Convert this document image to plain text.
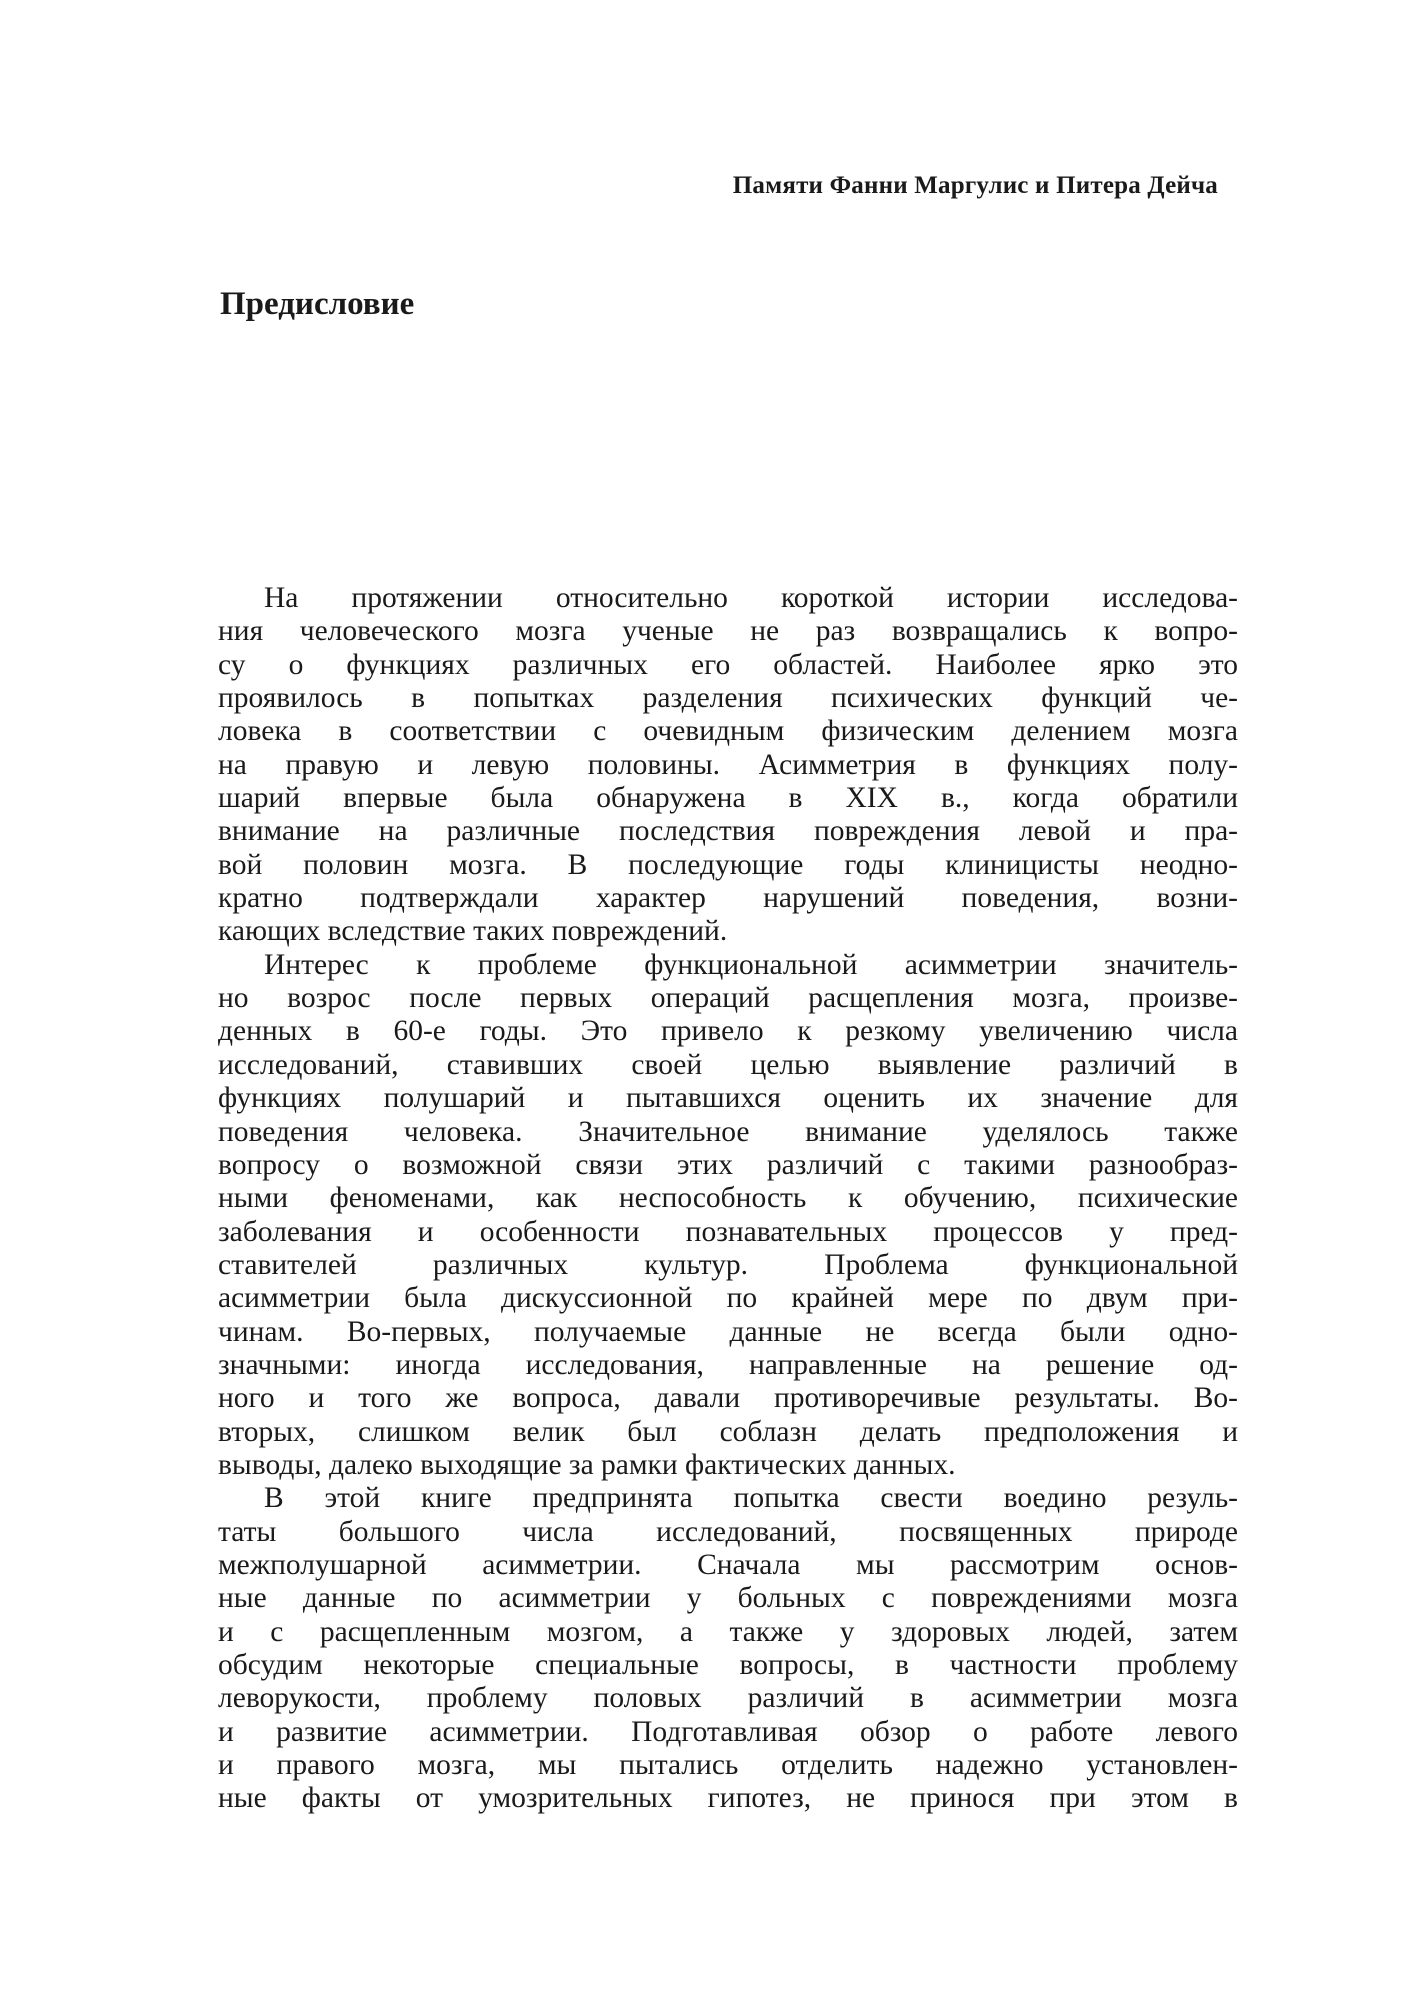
Памяти Фанни Маргулис и Питера Дейча
Предисловие
На протяжении относительно короткой истории исследова-
ния человеческого мозга ученые не раз возвращались к вопро-
су о функциях различных его областей. Наиболее ярко это
проявилось в попытках разделения психических функций че-
ловека в соответствии с очевидным физическим делением мозга
на правую и левую половины. Асимметрия в функциях полу-
шарий впервые была обнаружена в XIX в., когда обратили
внимание на различные последствия повреждения левой и пра-
вой половин мозга. В последующие годы клиницисты неодно-
кратно подтверждали характер нарушений поведения, возни-
кающих вследствие таких повреждений.
Интерес к проблеме функциональной асимметрии значитель-
но возрос после первых операций расщепления мозга, произве-
денных в 60-е годы. Это привело к резкому увеличению числа
исследований, ставивших своей целью выявление различий в
функциях полушарий и пытавшихся оценить их значение для
поведения человека. Значительное внимание уделялось также
вопросу о возможной связи этих различий с такими разнообраз-
ными феноменами, как неспособность к обучению, психические
заболевания и особенности познавательных процессов у пред-
ставителей различных культур. Проблема функциональной
асимметрии была дискуссионной по крайней мере по двум при-
чинам. Во-первых, получаемые данные не всегда были одно-
значными: иногда исследования, направленные на решение од-
ного и того же вопроса, давали противоречивые результаты. Во-
вторых, слишком велик был соблазн делать предположения и
выводы, далеко выходящие за рамки фактических данных.
В этой книге предпринята попытка свести воедино резуль-
таты большого числа исследований, посвященных природе
межполушарной асимметрии. Сначала мы рассмотрим основ-
ные данные по асимметрии у больных с повреждениями мозга
и с расщепленным мозгом, а также у здоровых людей, затем
обсудим некоторые специальные вопросы, в частности проблему
леворукости, проблему половых различий в асимметрии мозга
и развитие асимметрии. Подготавливая обзор о работе левого
и правого мозга, мы пытались отделить надежно установлен-
ные факты от умозрительных гипотез, не принося при этом в
